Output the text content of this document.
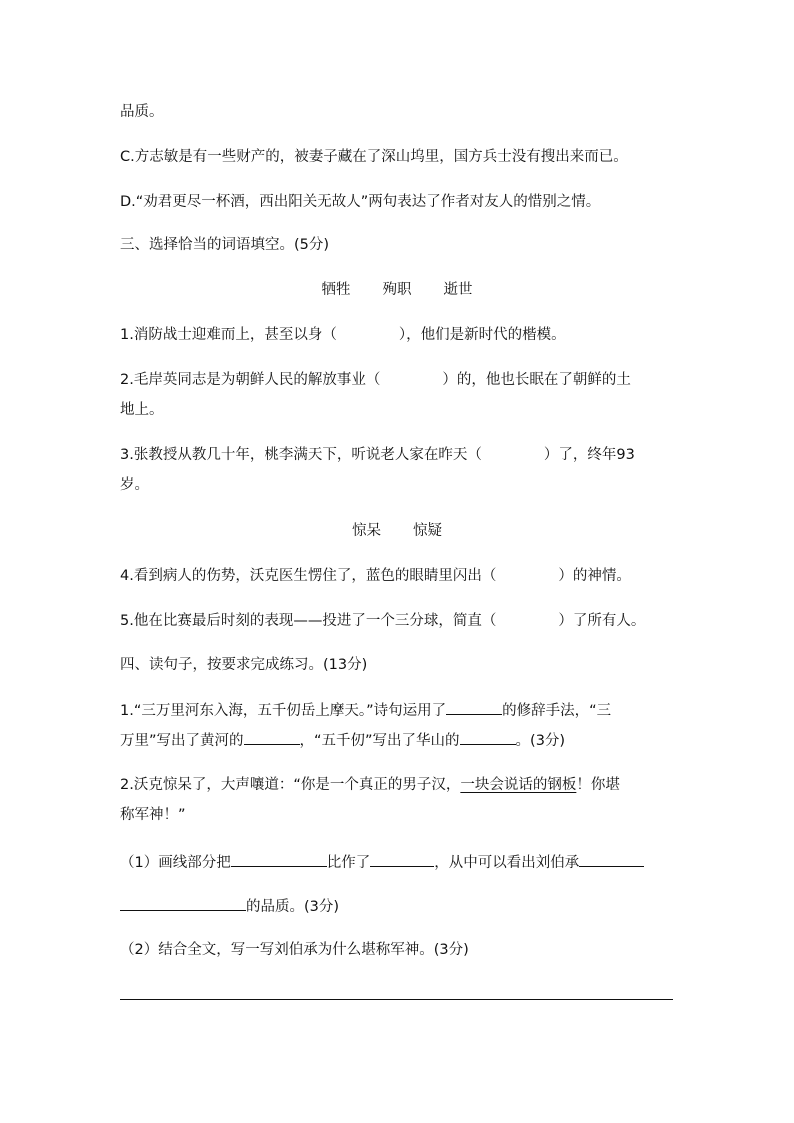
品质。
C.方志敏是有一些财产的，被妻子藏在了深山坞里，国方兵士没有搜出来而已。
D.“劝君更尽一杯酒，西出阳关无故人”两句表达了作者对友人的惜别之情。
三、选择恰当的词语填空。(5分)
牺牲 殉职 逝世
1.消防战士迎难而上，甚至以身（	），他们是新时代的楷模。
2.毛岸英同志是为朝鲜人民的解放事业（	）的，他也长眠在了朝鲜的土
地上。
3.张教授从教几十年，桃李满天下，听说老人家在昨天（	）了，终年93
岁。
惊呆 惊疑
4.看到病人的伤势，沃克医生愣住了，蓝色的眼睛里闪出（	）的神情。
5.他在比赛最后时刻的表现——投进了一个三分球，简直（	）了所有人。
四、读句子，按要求完成练习。(13分)
1.“三万里河东入海，五千仞岳上摩天。”诗句运用了	的修辞手法，“三
万里”写出了黄河的	，“五千仞”写出了华山的	。(3分)
2.沃克惊呆了，大声嚷道：“你是一个真正的男子汉，一块会说话的钢板！你堪
称军神！”
（1）画线部分把	比作了	，从中可以看出刘伯承
的品质。(3分)
（2）结合全文，写一写刘伯承为什么堪称军神。(3分)
